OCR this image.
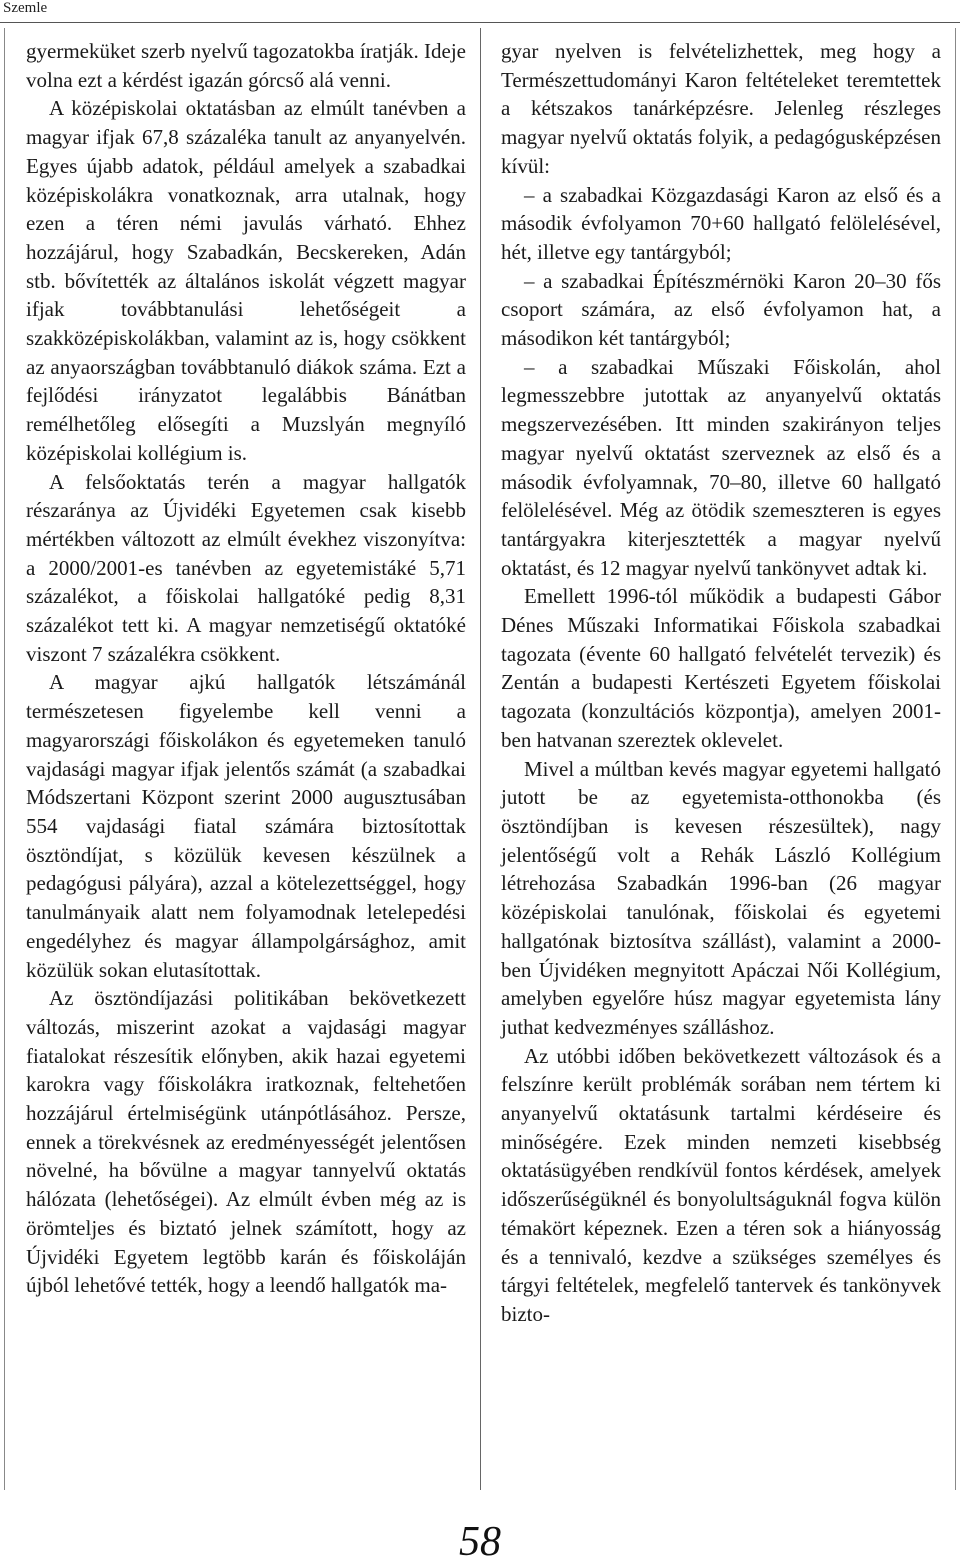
Szemle

gyermeküket szerb nyelvű tagozatokba íratják. Ideje volna ezt a kérdést igazán górcső alá venni.

A középiskolai oktatásban az elmúlt tanévben a magyar ifjak 67,8 százaléka tanult az anyanyelvén. Egyes újabb adatok, például amelyek a szabadkai középiskolákra vonatkoznak, arra utalnak, hogy ezen a téren némi javulás várható. Ehhez hozzájárul, hogy Szabadkán, Becskereken, Adán stb. bővítették az általános iskolát végzett magyar ifjak továbbtanulási lehetőségeit a szakközépiskolákban, valamint az is, hogy csökkent az anyaországban továbbtanuló diákok száma. Ezt a fejlődési irányzatot legalábbis Bánátban remélhetőleg elősegíti a Muzslyán megnyíló középiskolai kollégium is.

A felsőoktatás terén a magyar hallgatók részaránya az Újvidéki Egyetemen csak kisebb mértékben változott az elmúlt évekhez viszonyítva: a 2000/2001-es tanévben az egyetemistáké 5,71 százalékot, a főiskolai hallgatóké pedig 8,31 százalékot tett ki. A magyar nemzetiségű oktatóké viszont 7 százalékra csökkent.

A magyar ajkú hallgatók létszámánál természetesen figyelembe kell venni a magyarországi főiskolákon és egyetemeken tanuló vajdasági magyar ifjak jelentős számát (a szabadkai Módszertani Központ szerint 2000 augusztusában 554 vajdasági fiatal számára biztosítottak ösztöndíjat, s közülük kevesen készülnek a pedagógusi pályára), azzal a kötelezettséggel, hogy tanulmányaik alatt nem folyamodnak letelepedési engedélyhez és magyar állampolgársághoz, amit közülük sokan elutasítottak.

Az ösztöndíjazási politikában bekövetkezett változás, miszerint azokat a vajdasági magyar fiatalokat részesítik előnyben, akik hazai egyetemi karokra vagy főiskolákra iratkoznak, feltehetően hozzájárul értelmiségünk utánpótlásához. Persze, ennek a törekvésnek az eredményességét jelentősen növelné, ha bővülne a magyar tannyelvű oktatás hálózata (lehetőségei). Az elmúlt évben még az is örömteljes és biztató jelnek számított, hogy az Újvidéki Egyetem legtöbb karán és főiskoláján újból lehetővé tették, hogy a leendő hallgatók ma-

gyar nyelven is felvételizhettek, meg hogy a Természettudományi Karon feltételeket teremtettek a kétszakos tanárképzésre. Jelenleg részleges magyar nyelvű oktatás folyik, a pedagógusképzésen kívül:

– a szabadkai Közgazdasági Karon az első és a második évfolyamon 70+60 hallgató felölelésével, hét, illetve egy tantárgyból;

– a szabadkai Építészmérnöki Karon 20–30 fős csoport számára, az első évfolyamon hat, a másodikon két tantárgyból;

– a szabadkai Műszaki Főiskolán, ahol legmesszebbre jutottak az anyanyelvű oktatás megszervezésében. Itt minden szakirányon teljes magyar nyelvű oktatást szerveznek az első és a második évfolyamnak, 70–80, illetve 60 hallgató felölelésével. Még az ötödik szemeszteren is egyes tantárgyakra kiterjesztették a magyar nyelvű oktatást, és 12 magyar nyelvű tankönyvet adtak ki.

Emellett 1996-tól működik a budapesti Gábor Dénes Műszaki Informatikai Főiskola szabadkai tagozata (évente 60 hallgató felvételét tervezik) és Zentán a budapesti Kertészeti Egyetem főiskolai tagozata (konzultációs központja), amelyen 2001-ben hatvanan szereztek oklevelet.

Mivel a múltban kevés magyar egyetemi hallgató jutott be az egyetemista-otthonokba (és ösztöndíjban is kevesen részesültek), nagy jelentőségű volt a Rehák László Kollégium létrehozása Szabadkán 1996-ban (26 magyar középiskolai tanulónak, főiskolai és egyetemi hallgatónak biztosítva szállást), valamint a 2000-ben Újvidéken megnyitott Apáczai Női Kollégium, amelyben egyelőre húsz magyar egyetemista lány juthat kedvezményes szálláshoz.

Az utóbbi időben bekövetkezett változások és a felszínre került problémák sorában nem tértem ki anyanyelvű oktatásunk tartalmi kérdéseire és minőségére. Ezek minden nemzeti kisebbség oktatásügyében rendkívül fontos kérdések, amelyek időszerűségüknél és bonyolultságuknál fogva külön témakört képeznek. Ezen a téren sok a hiányosság és a tennivaló, kezdve a szükséges személyes és tárgyi feltételek, megfelelő tantervek és tankönyvek bizto-

58
